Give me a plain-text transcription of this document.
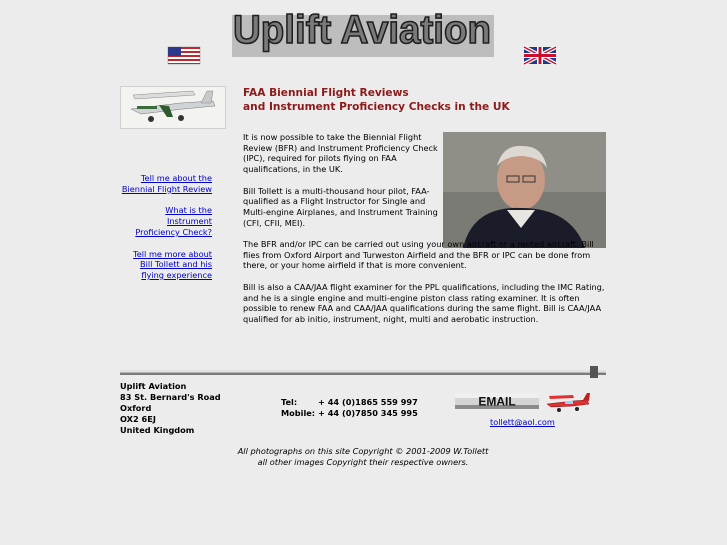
Uplift Aviation
FAA Biennial Flight Reviews
and Instrument Proficiency Checks in the UK
Tell me about the Biennial Flight Review
What is the Instrument Proficiency Check?
Tell me more about Bill Tollett and his flying experience

It is now possible to take the Biennial Flight Review (BFR) and Instrument Proficiency Check (IPC), required for pilots flying on FAA qualifications, in the UK.

Bill Tollett is a multi-thousand hour pilot, FAA-qualified as a Flight Instructor for Single and Multi-engine Airplanes, and Instrument Training (CFI, CFII, MEI).

The BFR and/or IPC can be carried out using your own aircraft or a rented aircraft. Bill flies from Oxford Airport and Turweston Airfield and the BFR or IPC can be done from there, or your home airfield if that is more convenient.

Bill is also a CAA/JAA flight examiner for the PPL qualifications, including the IMC Rating, and he is a single engine and multi-engine piston class rating examiner. It is often possible to renew FAA and CAA/JAA qualifications during the same flight. Bill is CAA/JAA qualified for ab initio, instrument, night, multi and aerobatic instruction.

Uplift Aviation
83 St. Bernard's Road
Oxford
OX2 6EJ
United Kingdom
Tel:	+ 44 (0)1865 559 997
Mobile: + 44 (0)7850 345 995
EMAIL
tollett@aol.com
All photographs on this site Copyright © 2001-2009 W.Tollett
all other images Copyright their respective owners.
